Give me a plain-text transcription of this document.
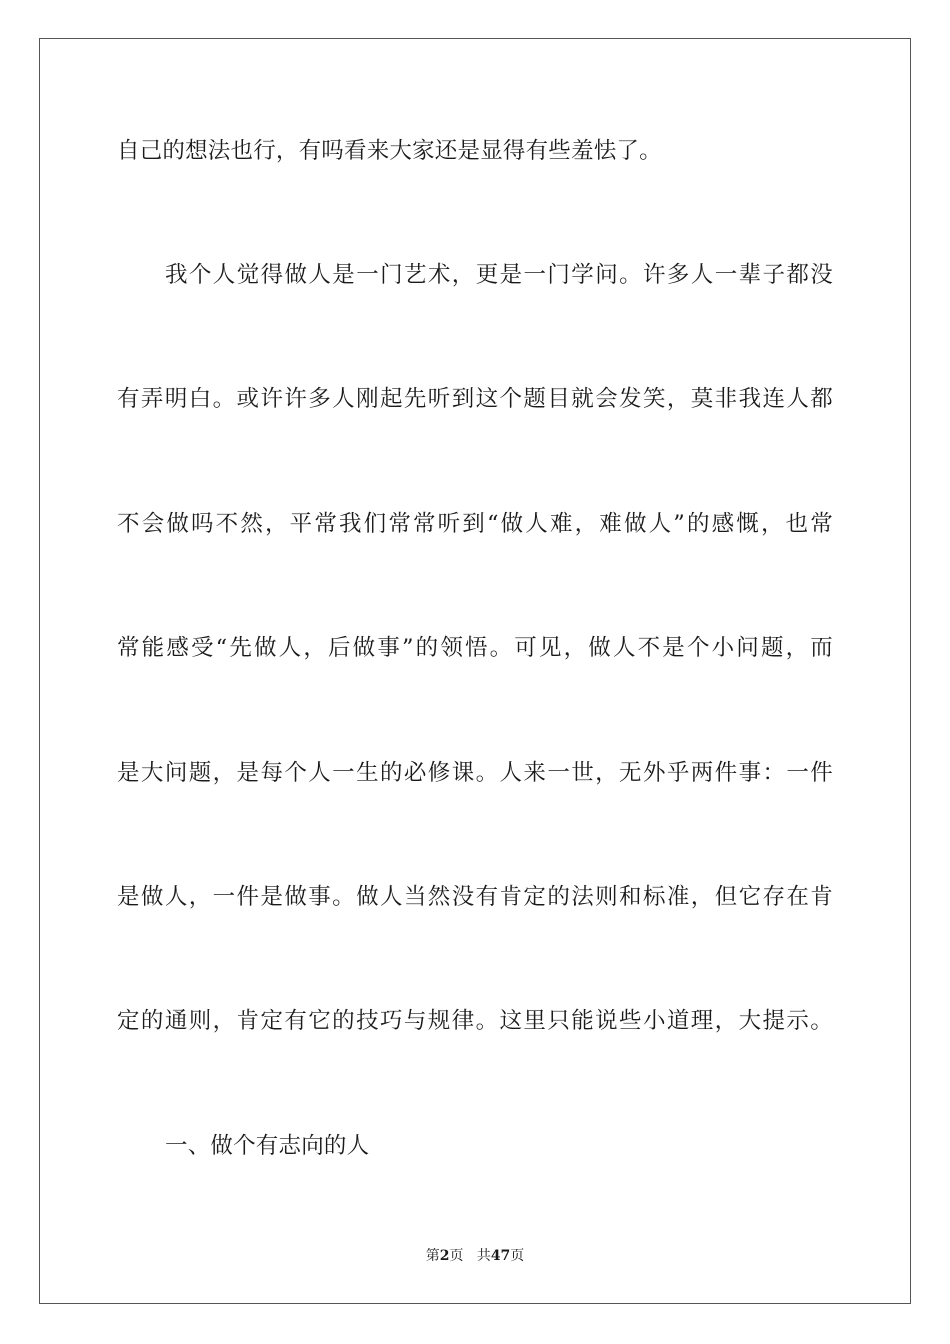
自己的想法也行，有吗看来大家还是显得有些羞怯了。
我个人觉得做人是一门艺术，更是一门学问。许多人一辈子都没
有弄明白。或许许多人刚起先听到这个题目就会发笑，莫非我连人都
不会做吗不然，平常我们常常听到“做人难，难做人”的感慨，也常
常能感受“先做人，后做事”的领悟。可见，做人不是个小问题，而
是大问题，是每个人一生的必修课。人来一世，无外乎两件事：一件
是做人，一件是做事。做人当然没有肯定的法则和标准，但它存在肯
定的通则，肯定有它的技巧与规律。这里只能说些小道理，大提示。
一、做个有志向的人
第2页 共47页
